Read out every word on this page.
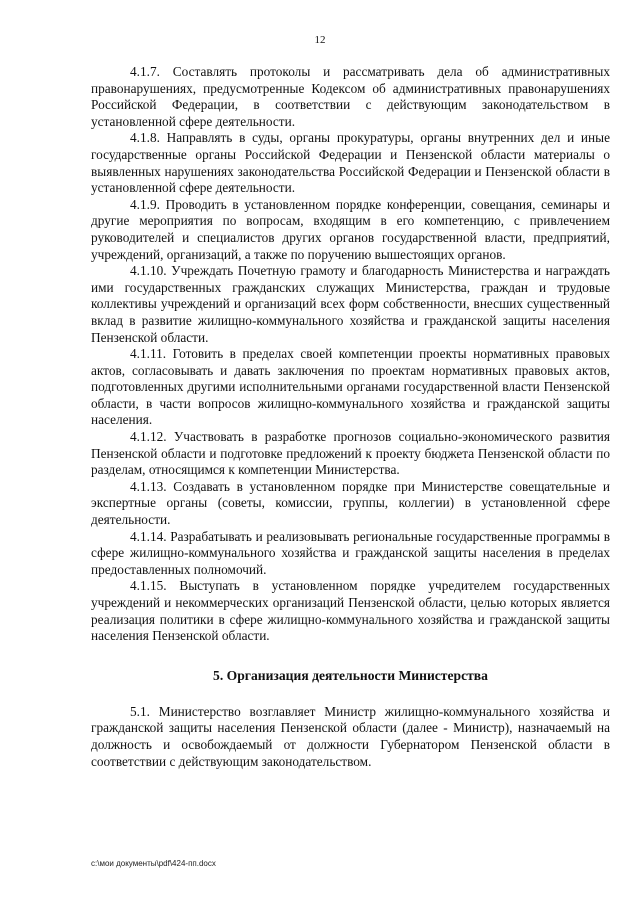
12

4.1.7. Составлять протоколы и рассматривать дела об административных правонарушениях, предусмотренные Кодексом об административных правонарушениях Российской Федерации, в соответствии с действующим законодательством в установленной сфере деятельности.

4.1.8. Направлять в суды, органы прокуратуры, органы внутренних дел и иные государственные органы Российской Федерации и Пензенской области материалы о выявленных нарушениях законодательства Российской Федерации и Пензенской области в установленной сфере деятельности.

4.1.9. Проводить в установленном порядке конференции, совещания, семинары и другие мероприятия по вопросам, входящим в его компетенцию, с привлечением руководителей и специалистов других органов государственной власти, предприятий, учреждений, организаций, а также по поручению вышестоящих органов.

4.1.10. Учреждать Почетную грамоту и благодарность Министерства и награждать ими государственных гражданских служащих Министерства, граждан и трудовые коллективы учреждений и организаций всех форм собственности, внесших существенный вклад в развитие жилищно-коммунального хозяйства и гражданской защиты населения Пензенской области.

4.1.11. Готовить в пределах своей компетенции проекты нормативных правовых актов, согласовывать и давать заключения по проектам нормативных правовых актов, подготовленных другими исполнительными органами государственной власти Пензенской области, в части вопросов жилищно-коммунального хозяйства и гражданской защиты населения.

4.1.12. Участвовать в разработке прогнозов социально-экономического развития Пензенской области и подготовке предложений к проекту бюджета Пензенской области по разделам, относящимся к компетенции Министерства.

4.1.13. Создавать в установленном порядке при Министерстве совещательные и экспертные органы (советы, комиссии, группы, коллегии) в установленной сфере деятельности.

4.1.14. Разрабатывать и реализовывать региональные государственные программы в сфере жилищно-коммунального хозяйства и гражданской защиты населения в пределах предоставленных полномочий.

4.1.15. Выступать в установленном порядке учредителем государственных учреждений и некоммерческих организаций Пензенской области, целью которых является реализация политики в сфере жилищно-коммунального хозяйства и гражданской защиты населения Пензенской области.

5. Организация деятельности Министерства

5.1. Министерство возглавляет Министр жилищно-коммунального хозяйства и гражданской защиты населения Пензенской области (далее - Министр), назначаемый на должность и освобождаемый от должности Губернатором Пензенской области в соответствии с действующим законодательством.

c:\мои документы\pdf\424-пп.docx
